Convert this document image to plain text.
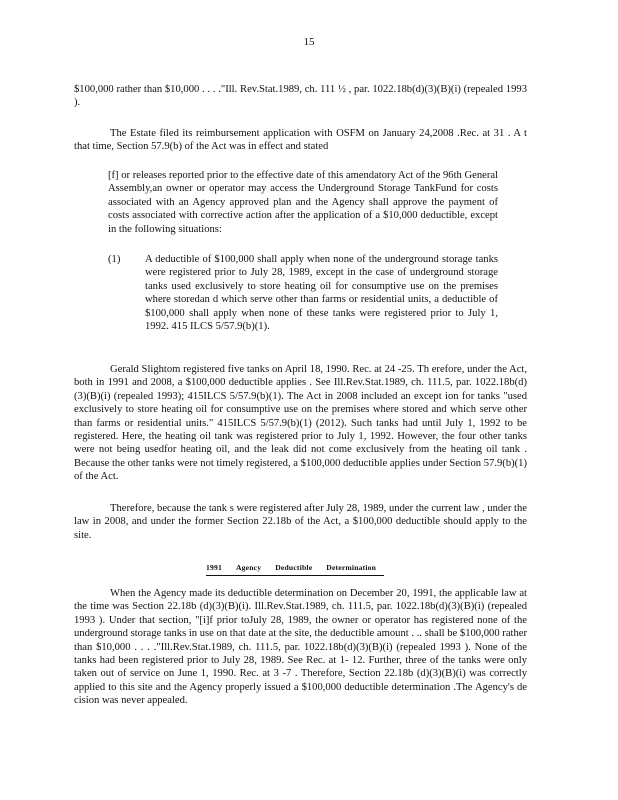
15

$100,000 rather than $10,000 . . . ."Ill. Rev.Stat.1989, ch. 111 ½ , par. 1022.18b(d)(3)(B)(i) (repealed 1993 ).

The Estate filed its reimbursement application with OSFM on January 24,2008 .Rec. at 31 . A t that time, Section 57.9(b) of the Act was in effect and stated

[f] or releases reported prior to the effective date of this amendatory Act of the 96th General Assembly,an owner or operator may access the Underground Storage TankFund for costs associated with an Agency approved plan and the Agency shall approve the payment of costs associated with corrective action after the application of a $10,000 deductible, except in the following situations:

(1) A deductible of $100,000 shall apply when none of the underground storage tanks were registered prior to July 28, 1989, except in the case of underground storage tanks used exclusively to store heating oil for consumptive use on the premises where storedan d which serve other than farms or residential units, a deductible of $100,000 shall apply when none of these tanks were registered prior to July 1, 1992. 415 ILCS 5/57.9(b)(1).

Gerald Slightom registered five tanks on April 18, 1990. Rec. at 24 -25. Th erefore, under the Act, both in 1991 and 2008, a $100,000 deductible applies . See Ill.Rev.Stat.1989, ch. 111.5, par. 1022.18b(d)(3)(B)(i) (repealed 1993); 415ILCS 5/57.9(b)(1). The Act in 2008 included an except ion for tanks "used exclusively to store heating oil for consumptive use on the premises where stored and which serve other than farms or residential units." 415ILCS 5/57.9(b)(1) (2012). Such tanks had until July 1, 1992 to be registered. Here, the heating oil tank was registered prior to July 1, 1992. However, the four other tanks were not being usedfor heating oil, and the leak did not come exclusively from the heating oil tank . Because the other tanks were not timely registered, a $100,000 deductible applies under Section 57.9(b)(1) of the Act.

Therefore, because the tank s were registered after July 28, 1989, under the current law , under the law in 2008, and under the former Section 22.18b of the Act, a $100,000 deductible should apply to the site.

1991 Agency Deductible Determination

When the Agency made its deductible determination on December 20, 1991, the applicable law at the time was Section 22.18b (d)(3)(B)(i). Ill.Rev.Stat.1989, ch. 111.5, par. 1022.18b(d)(3)(B)(i) (repealed 1993 ). Under that section, "[i]f prior toJuly 28, 1989, the owner or operator has registered none of the underground storage tanks in use on that date at the site, the deductible amount . .. shall be $100,000 rather than $10,000 . . . ."Ill.Rev.Stat.1989, ch. 111.5, par. 1022.18b(d)(3)(B)(i) (repealed 1993 ). None of the tanks had been registered prior to July 28, 1989. See Rec. at 1- 12. Further, three of the tanks were only taken out of service on June 1, 1990. Rec. at 3 -7 . Therefore, Section 22.18b (d)(3)(B)(i) was correctly applied to this site and the Agency properly issued a $100,000 deductible determination .The Agency's de cision was never appealed.
